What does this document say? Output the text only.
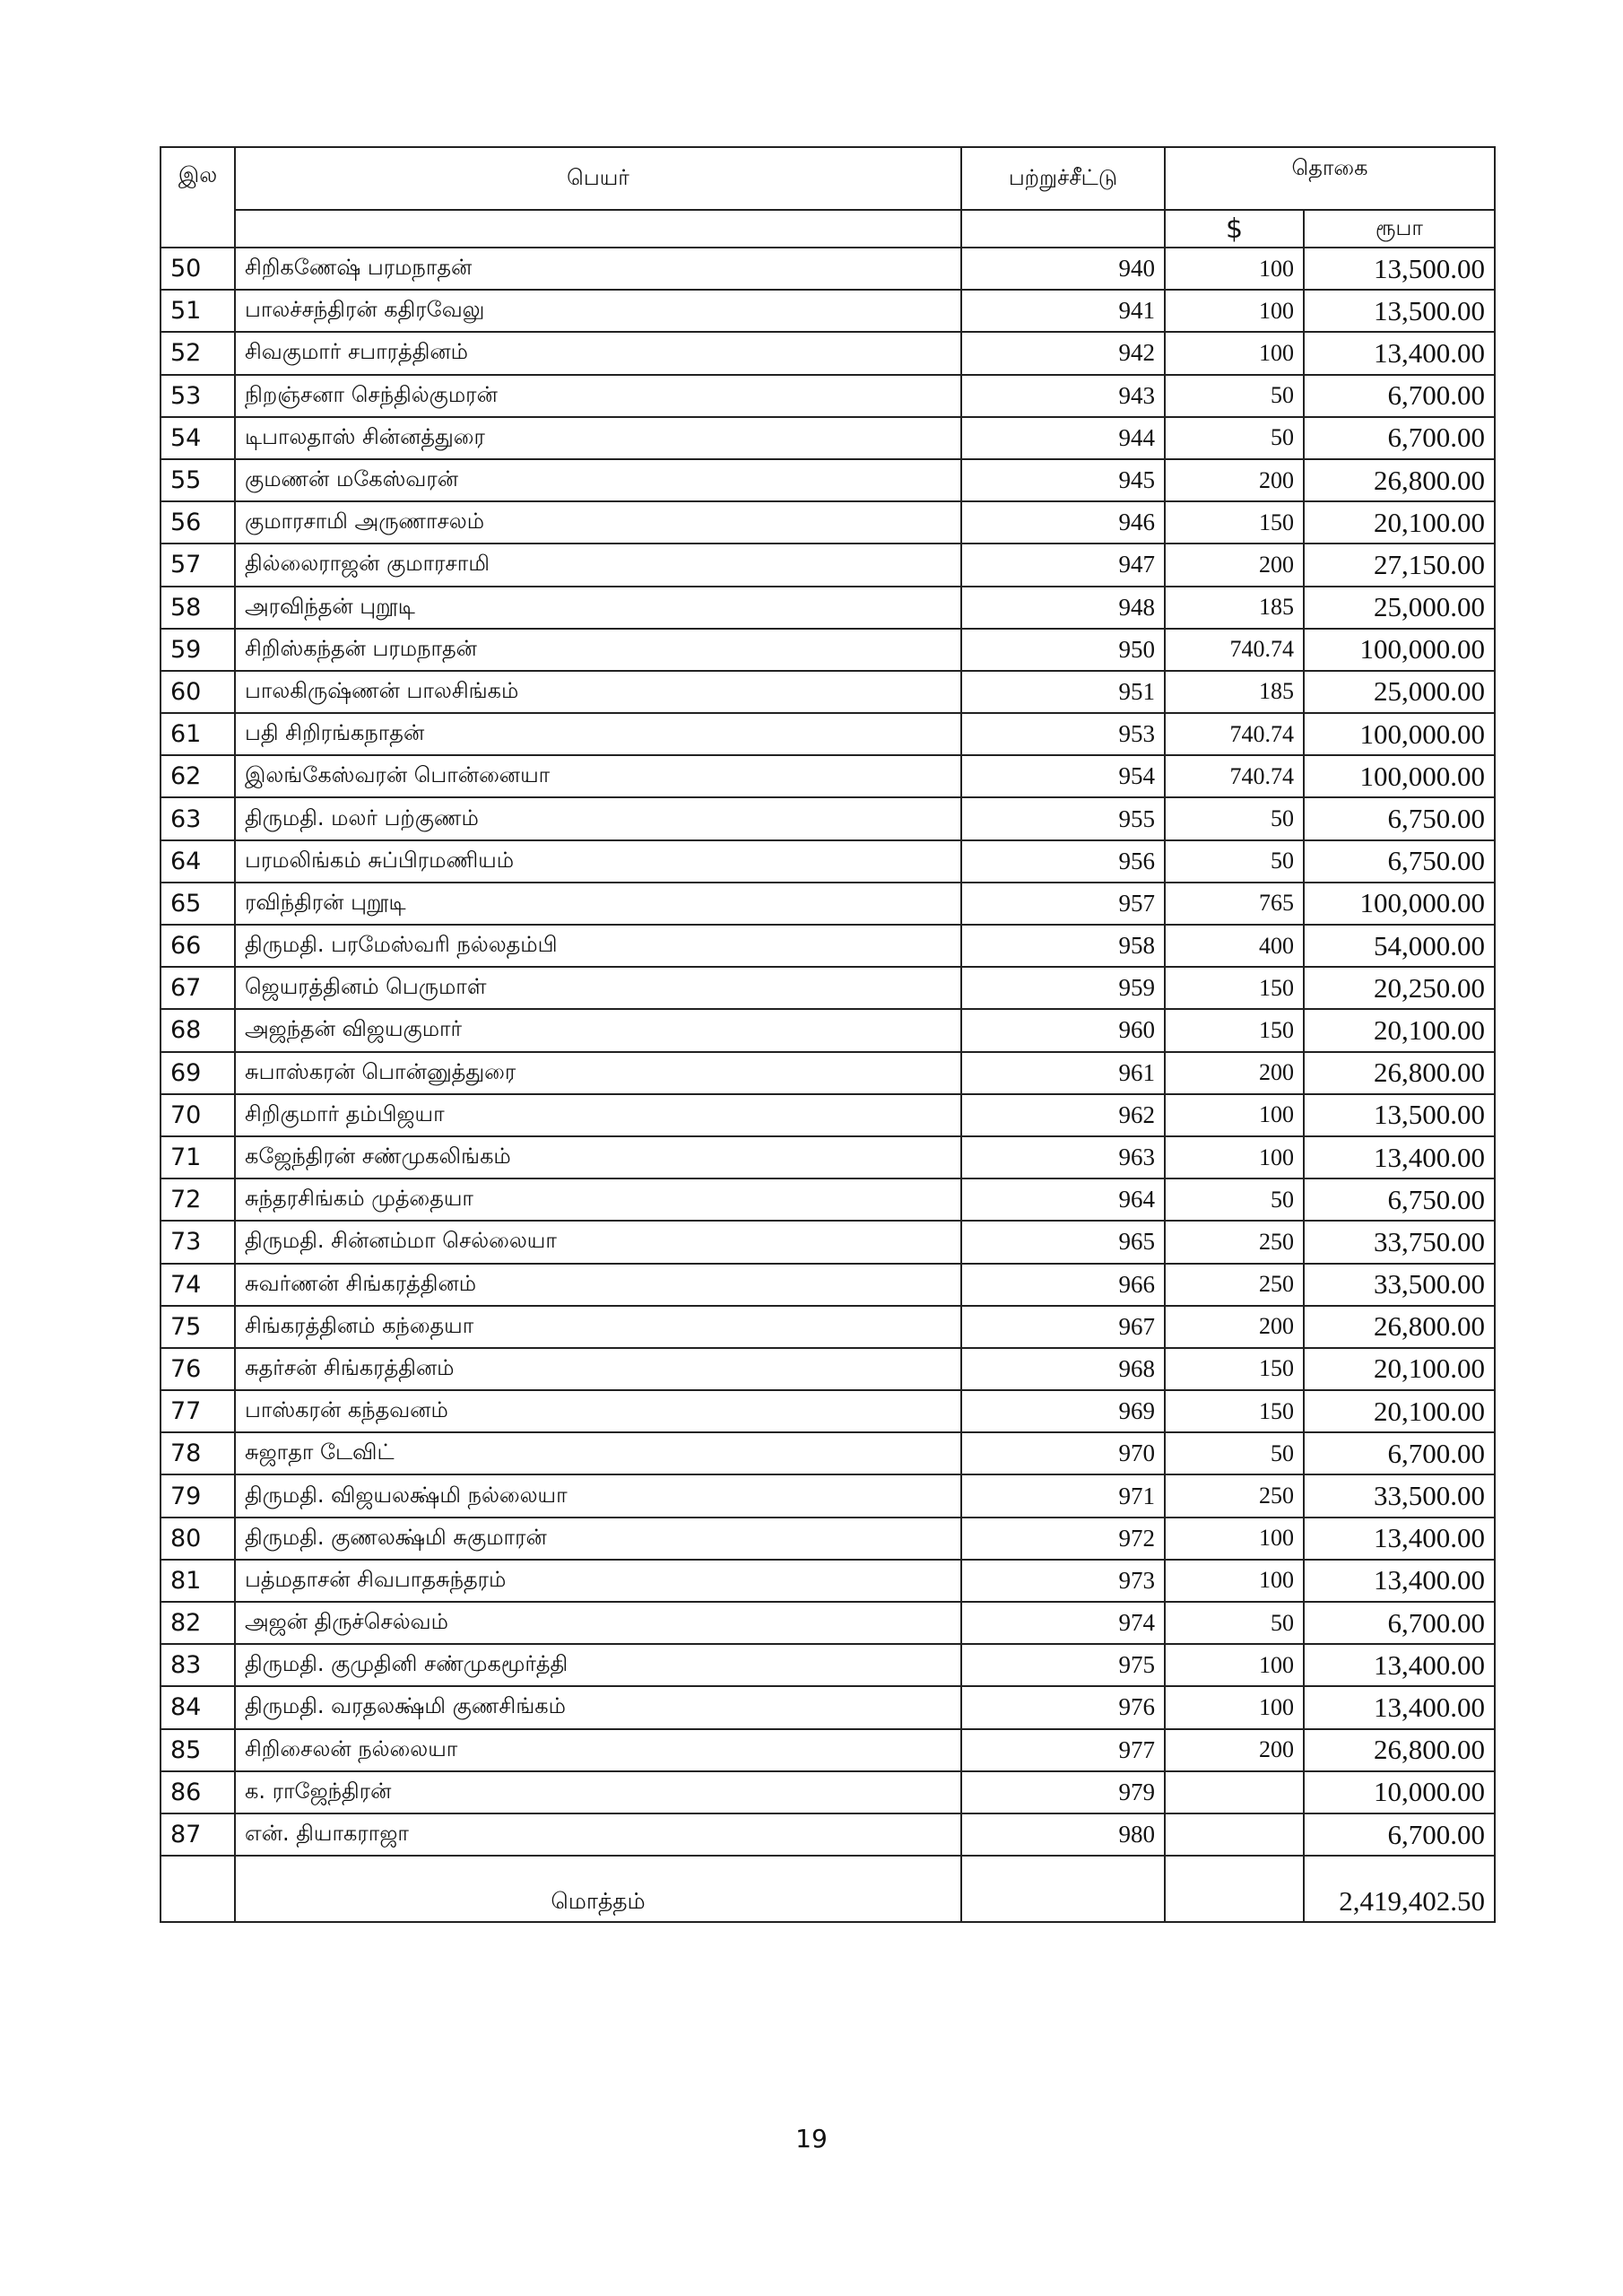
இல	பெயர்	பற்றுச்சீட்டு	தொகை	
			$	ரூபா
50	சிறிகணேஷ் பரமநாதன்	940	100	13,500.00
51	பாலச்சந்திரன் கதிரவேலு	941	100	13,500.00
52	சிவகுமார் சபாரத்தினம்	942	100	13,400.00
53	நிறஞ்சனா செந்தில்குமரன்	943	50	6,700.00
54	டிபாலதாஸ் சின்னத்துரை	944	50	6,700.00
55	குமணன் மகேஸ்வரன்	945	200	26,800.00
56	குமாரசாமி அருணாசலம்	946	150	20,100.00
57	தில்லைராஜன் குமாரசாமி	947	200	27,150.00
58	அரவிந்தன் புறூடி	948	185	25,000.00
59	சிறிஸ்கந்தன் பரமநாதன்	950	740.74	100,000.00
60	பாலகிருஷ்ணன் பாலசிங்கம்	951	185	25,000.00
61	பதி சிறிரங்கநாதன்	953	740.74	100,000.00
62	இலங்கேஸ்வரன் பொன்னையா	954	740.74	100,000.00
63	திருமதி. மலர் பற்குணம்	955	50	6,750.00
64	பரமலிங்கம் சுப்பிரமணியம்	956	50	6,750.00
65	ரவிந்திரன் புறூடி	957	765	100,000.00
66	திருமதி. பரமேஸ்வரி நல்லதம்பி	958	400	54,000.00
67	ஜெயரத்தினம் பெருமாள்	959	150	20,250.00
68	அஜந்தன் விஜயகுமார்	960	150	20,100.00
69	சுபாஸ்கரன் பொன்னுத்துரை	961	200	26,800.00
70	சிறிகுமார் தம்பிஜயா	962	100	13,500.00
71	கஜேந்திரன் சண்முகலிங்கம்	963	100	13,400.00
72	சுந்தரசிங்கம் முத்தையா	964	50	6,750.00
73	திருமதி. சின்னம்மா செல்லையா	965	250	33,750.00
74	சுவர்ணன் சிங்கரத்தினம்	966	250	33,500.00
75	சிங்கரத்தினம் கந்தையா	967	200	26,800.00
76	சுதர்சன் சிங்கரத்தினம்	968	150	20,100.00
77	பாஸ்கரன் கந்தவனம்	969	150	20,100.00
78	சுஜாதா டேவிட்	970	50	6,700.00
79	திருமதி. விஜயலக்ஷ்மி நல்லையா	971	250	33,500.00
80	திருமதி. குணலக்ஷ்மி சுகுமாரன்	972	100	13,400.00
81	பத்மதாசன் சிவபாதசுந்தரம்	973	100	13,400.00
82	அஜன் திருச்செல்வம்	974	50	6,700.00
83	திருமதி. குமுதினி சண்முகமூர்த்தி	975	100	13,400.00
84	திருமதி. வரதலக்ஷ்மி குணசிங்கம்	976	100	13,400.00
85	சிறிசைலன் நல்லையா	977	200	26,800.00
86	க. ராஜேந்திரன்	979		10,000.00
87	என். தியாகராஜா	980		6,700.00
	மொத்தம்			2,419,402.50
19
